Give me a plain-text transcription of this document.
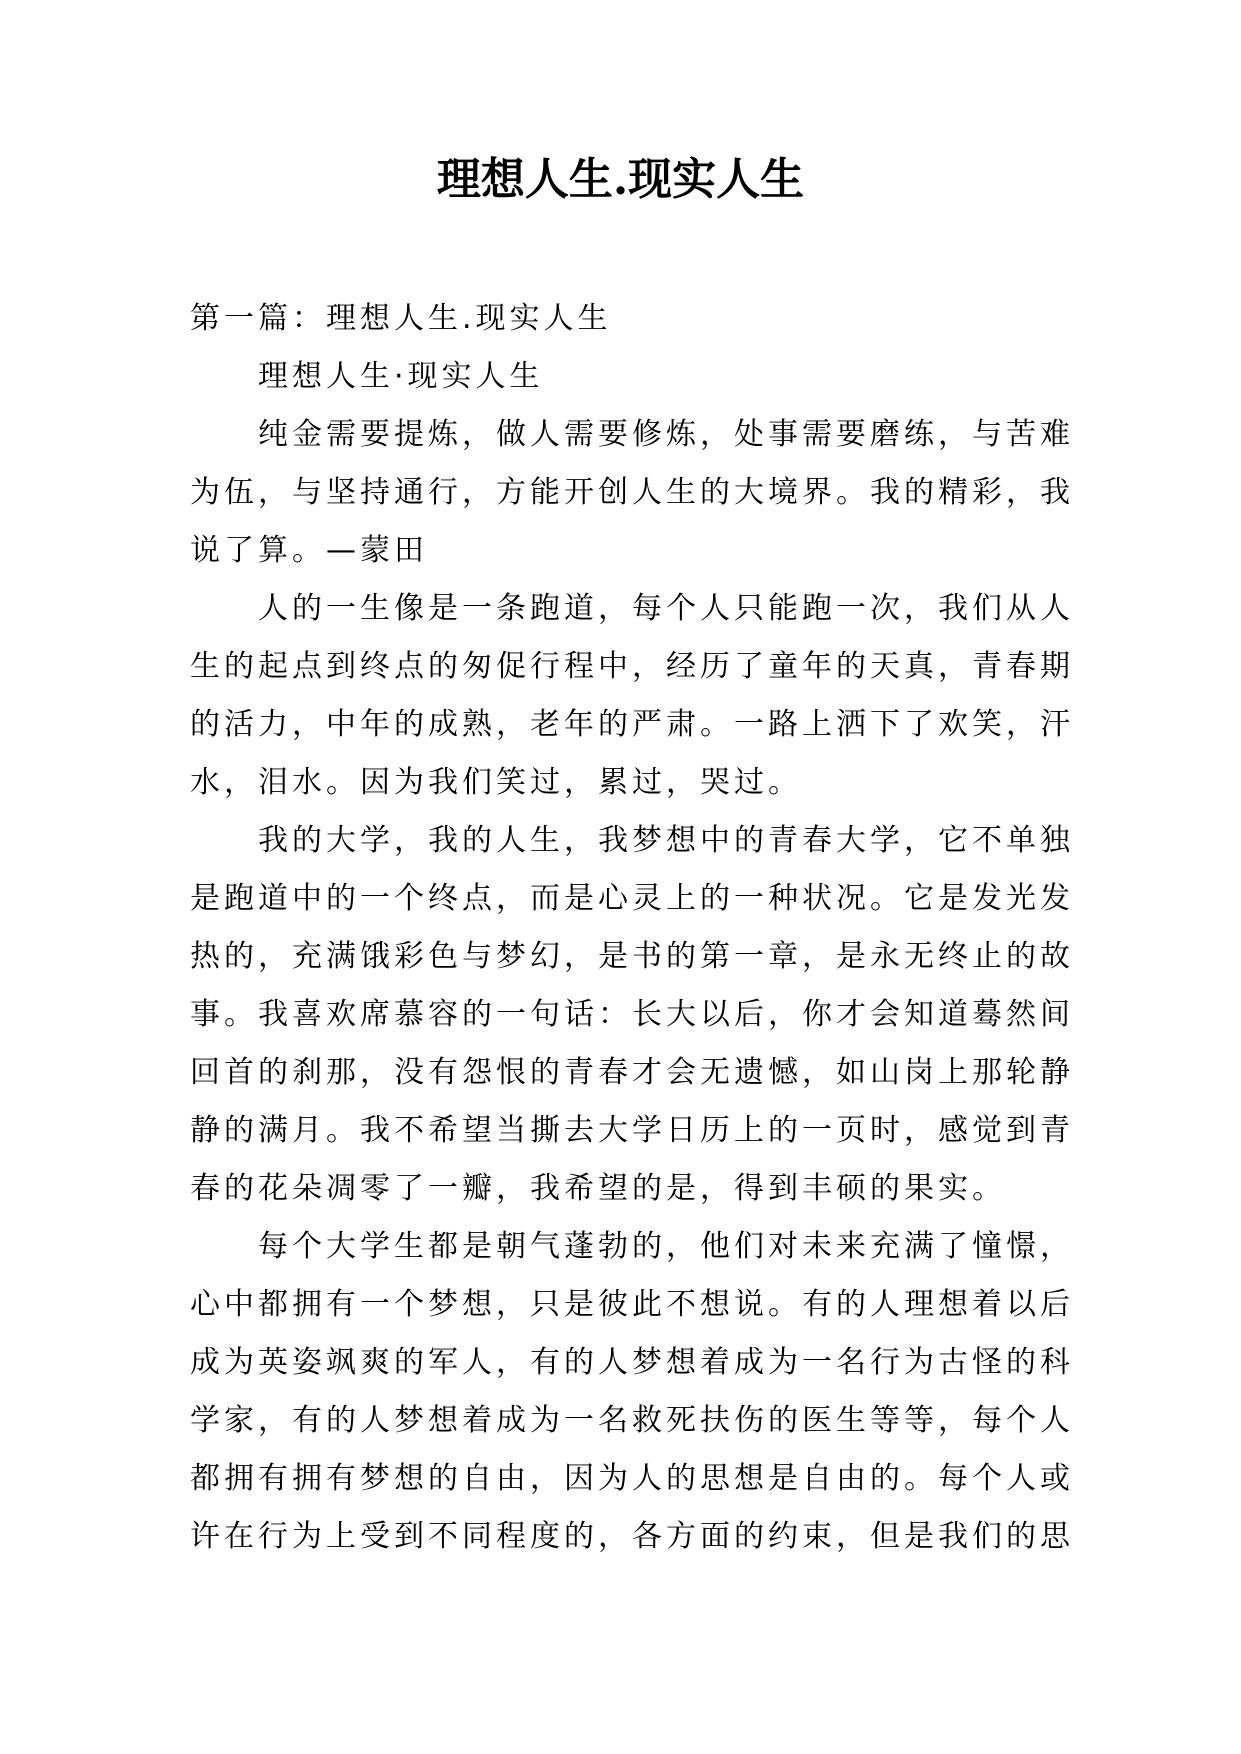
理想人生.现实人生
第一篇：理想人生.现实人生
理想人生·现实人生
纯金需要提炼，做人需要修炼，处事需要磨练，与苦难
为伍，与坚持通行，方能开创人生的大境界。我的精彩，我
说了算。—蒙田
人的一生像是一条跑道，每个人只能跑一次，我们从人
生的起点到终点的匆促行程中，经历了童年的天真，青春期
的活力，中年的成熟，老年的严肃。一路上洒下了欢笑，汗
水，泪水。因为我们笑过，累过，哭过。
我的大学，我的人生，我梦想中的青春大学，它不单独
是跑道中的一个终点，而是心灵上的一种状况。它是发光发
热的，充满饿彩色与梦幻，是书的第一章，是永无终止的故
事。我喜欢席慕容的一句话：长大以后，你才会知道蓦然间
回首的刹那，没有怨恨的青春才会无遗憾，如山岗上那轮静
静的满月。我不希望当撕去大学日历上的一页时，感觉到青
春的花朵凋零了一瓣，我希望的是，得到丰硕的果实。
每个大学生都是朝气蓬勃的，他们对未来充满了憧憬，
心中都拥有一个梦想，只是彼此不想说。有的人理想着以后
成为英姿飒爽的军人，有的人梦想着成为一名行为古怪的科
学家，有的人梦想着成为一名救死扶伤的医生等等，每个人
都拥有拥有梦想的自由，因为人的思想是自由的。每个人或
许在行为上受到不同程度的，各方面的约束，但是我们的思
